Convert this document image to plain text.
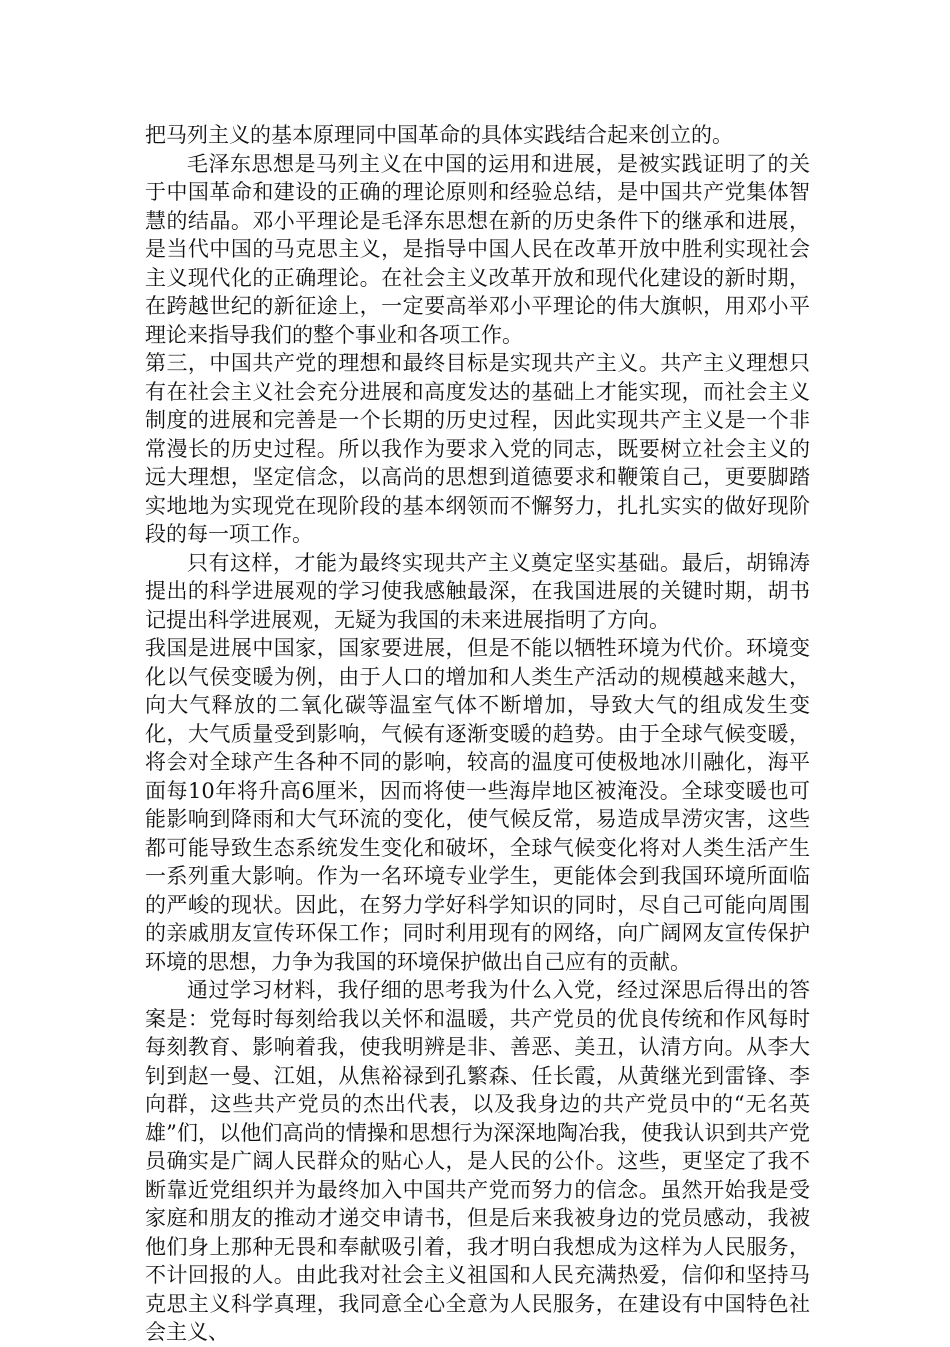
把马列主义的基本原理同中国革命的具体实践结合起来创立的。

毛泽东思想是马列主义在中国的运用和进展，是被实践证明了的关于中国革命和建设的正确的理论原则和经验总结，是中国共产党集体智慧的结晶。邓小平理论是毛泽东思想在新的历史条件下的继承和进展，是当代中国的马克思主义，是指导中国人民在改革开放中胜利实现社会主义现代化的正确理论。在社会主义改革开放和现代化建设的新时期，在跨越世纪的新征途上，一定要高举邓小平理论的伟大旗帜，用邓小平理论来指导我们的整个事业和各项工作。

第三，中国共产党的理想和最终目标是实现共产主义。共产主义理想只有在社会主义社会充分进展和高度发达的基础上才能实现，而社会主义制度的进展和完善是一个长期的历史过程，因此实现共产主义是一个非常漫长的历史过程。所以我作为要求入党的同志，既要树立社会主义的远大理想，坚定信念，以高尚的思想到道德要求和鞭策自己，更要脚踏实地地为实现党在现阶段的基本纲领而不懈努力，扎扎实实的做好现阶段的每一项工作。

只有这样，才能为最终实现共产主义奠定坚实基础。最后，胡锦涛提出的科学进展观的学习使我感触最深，在我国进展的关键时期，胡书记提出科学进展观，无疑为我国的未来进展指明了方向。

我国是进展中国家，国家要进展，但是不能以牺牲环境为代价。环境变化以气侯变暖为例，由于人口的增加和人类生产活动的规模越来越大，向大气释放的二氧化碳等温室气体不断增加，导致大气的组成发生变化，大气质量受到影响，气候有逐渐变暖的趋势。由于全球气候变暖，将会对全球产生各种不同的影响，较高的温度可使极地冰川融化，海平面每10年将升高6厘米，因而将使一些海岸地区被淹没。全球变暖也可能影响到降雨和大气环流的变化，使气候反常，易造成旱涝灾害，这些都可能导致生态系统发生变化和破坏，全球气候变化将对人类生活产生一系列重大影响。作为一名环境专业学生，更能体会到我国环境所面临的严峻的现状。因此，在努力学好科学知识的同时，尽自己可能向周围的亲戚朋友宣传环保工作；同时利用现有的网络，向广阔网友宣传保护环境的思想，力争为我国的环境保护做出自己应有的贡献。

通过学习材料，我仔细的思考我为什么入党，经过深思后得出的答案是：党每时每刻给我以关怀和温暖，共产党员的优良传统和作风每时每刻教育、影响着我，使我明辨是非、善恶、美丑，认清方向。从李大钊到赵一曼、江姐，从焦裕禄到孔繁森、任长霞，从黄继光到雷锋、李向群，这些共产党员的杰出代表，以及我身边的共产党员中的“无名英雄”们，以他们高尚的情操和思想行为深深地陶冶我，使我认识到共产党员确实是广阔人民群众的贴心人，是人民的公仆。这些，更坚定了我不断靠近党组织并为最终加入中国共产党而努力的信念。虽然开始我是受家庭和朋友的推动才递交申请书，但是后来我被身边的党员感动，我被他们身上那种无畏和奉献吸引着，我才明白我想成为这样为人民服务，不计回报的人。由此我对社会主义祖国和人民充满热爱，信仰和坚持马克思主义科学真理，我同意全心全意为人民服务，在建设有中国特色社会主义、
